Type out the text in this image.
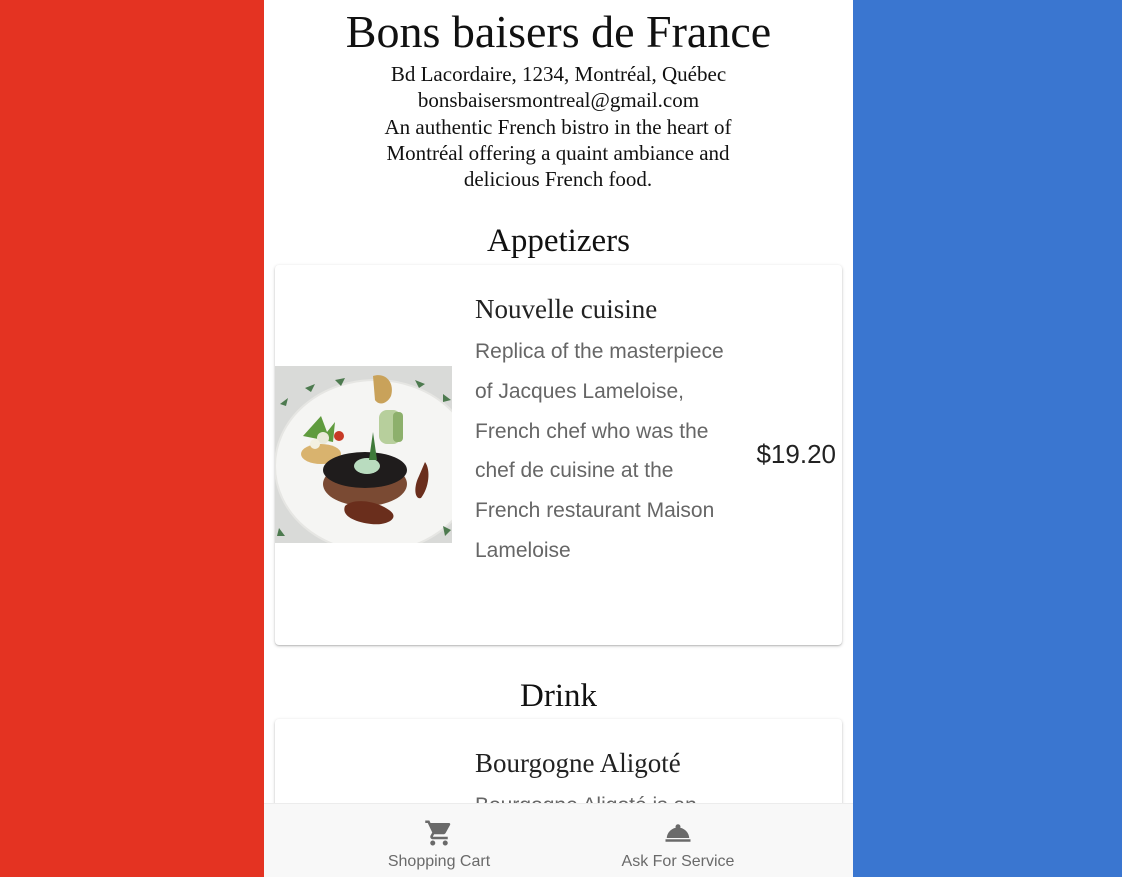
Bons baisers de France
Bd Lacordaire, 1234, Montréal, Québec
bonsbaisersmontreal@gmail.com
An authentic French bistro in the heart of Montréal offering a quaint ambiance and delicious French food.
Appetizers
Nouvelle cuisine
Replica of the masterpiece of Jacques Lameloise, French chef who was the chef de cuisine at the French restaurant Maison Lameloise
$19.20
Drink
Bourgogne Aligoté
Shopping Cart	Ask For Service
